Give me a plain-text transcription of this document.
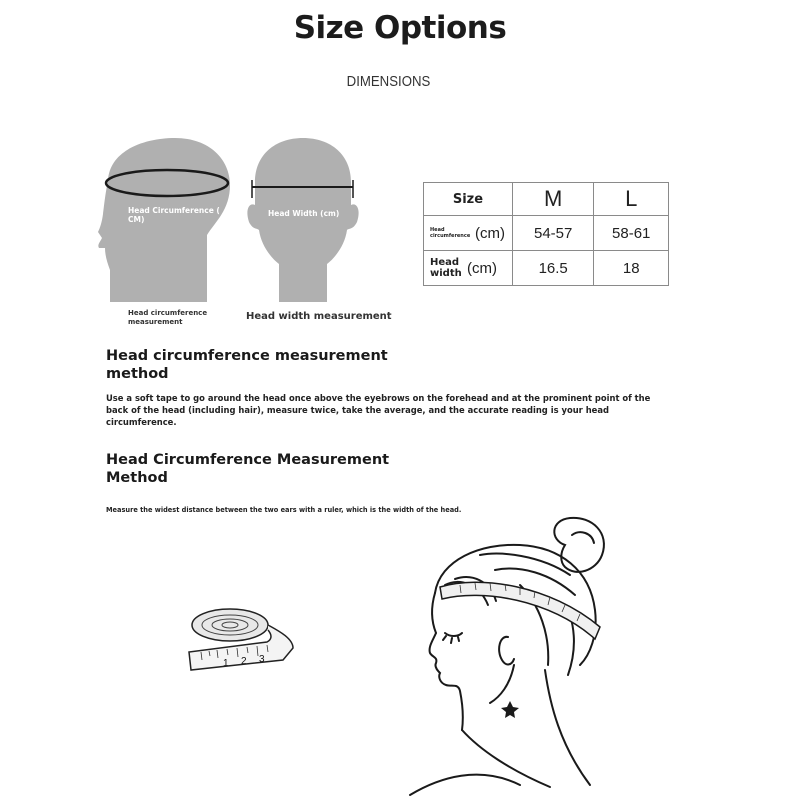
Size Options
DIMENSIONS
Head Circumference ( CM)
Head Width (cm)
Head circumference measurement	Head width measurement
Size	M	L

Head circumference (cm)	54-57	58-61

Head width (cm)	16.5	18
Head circumference measurement method
Use a soft tape to go around the head once above the eyebrows on the forehead and at the prominent point of the back of the head (including hair), measure twice, take the average, and the accurate reading is your head circumference.
Head Circumference Measurement Method
Measure the widest distance between the two ears with a ruler, which is the width of the head.
1 2 3
